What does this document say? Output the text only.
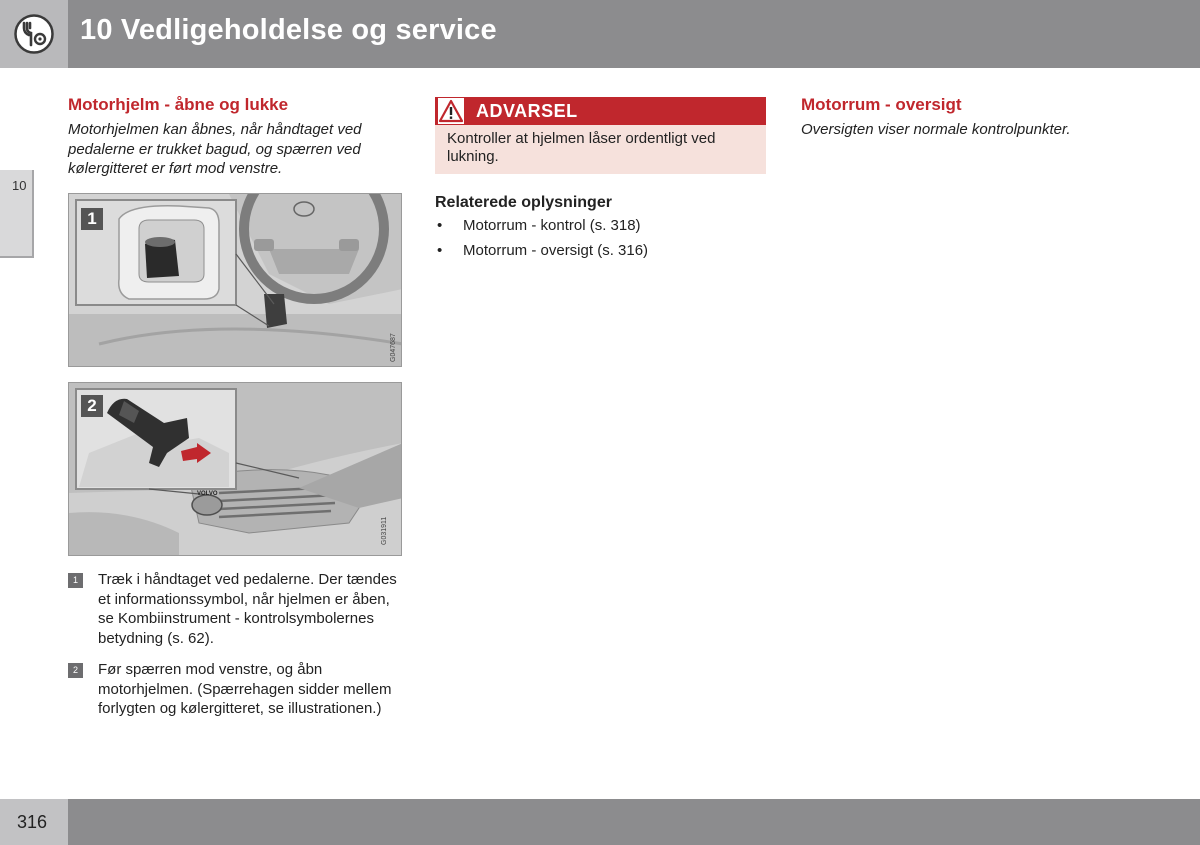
10 Vedligeholdelse og service
10
Motorhjelm - åbne og lukke

Motorhjelmen kan åbnes, når håndtaget ved pedalerne er trukket bagud, og spærren ved kølergitteret er ført mod venstre.

1
G047687
2
VOLVO
G031911
1	Træk i håndtaget ved pedalerne. Der tændes et informationssymbol, når hjelmen er åben, se Kombiinstrument - kontrolsymbolernes betydning (s. 62).
2	Før spærren mod venstre, og åbn motorhjelmen. (Spærrehagen sidder mellem forlygten og kølergitteret, se illustrationen.)
ADVARSEL
Kontroller at hjelmen låser ordentligt ved lukning.
Relaterede oplysninger
• Motorrum - kontrol (s. 318)
• Motorrum - oversigt (s. 316)
Motorrum - oversigt

Oversigten viser normale kontrolpunkter.

316
